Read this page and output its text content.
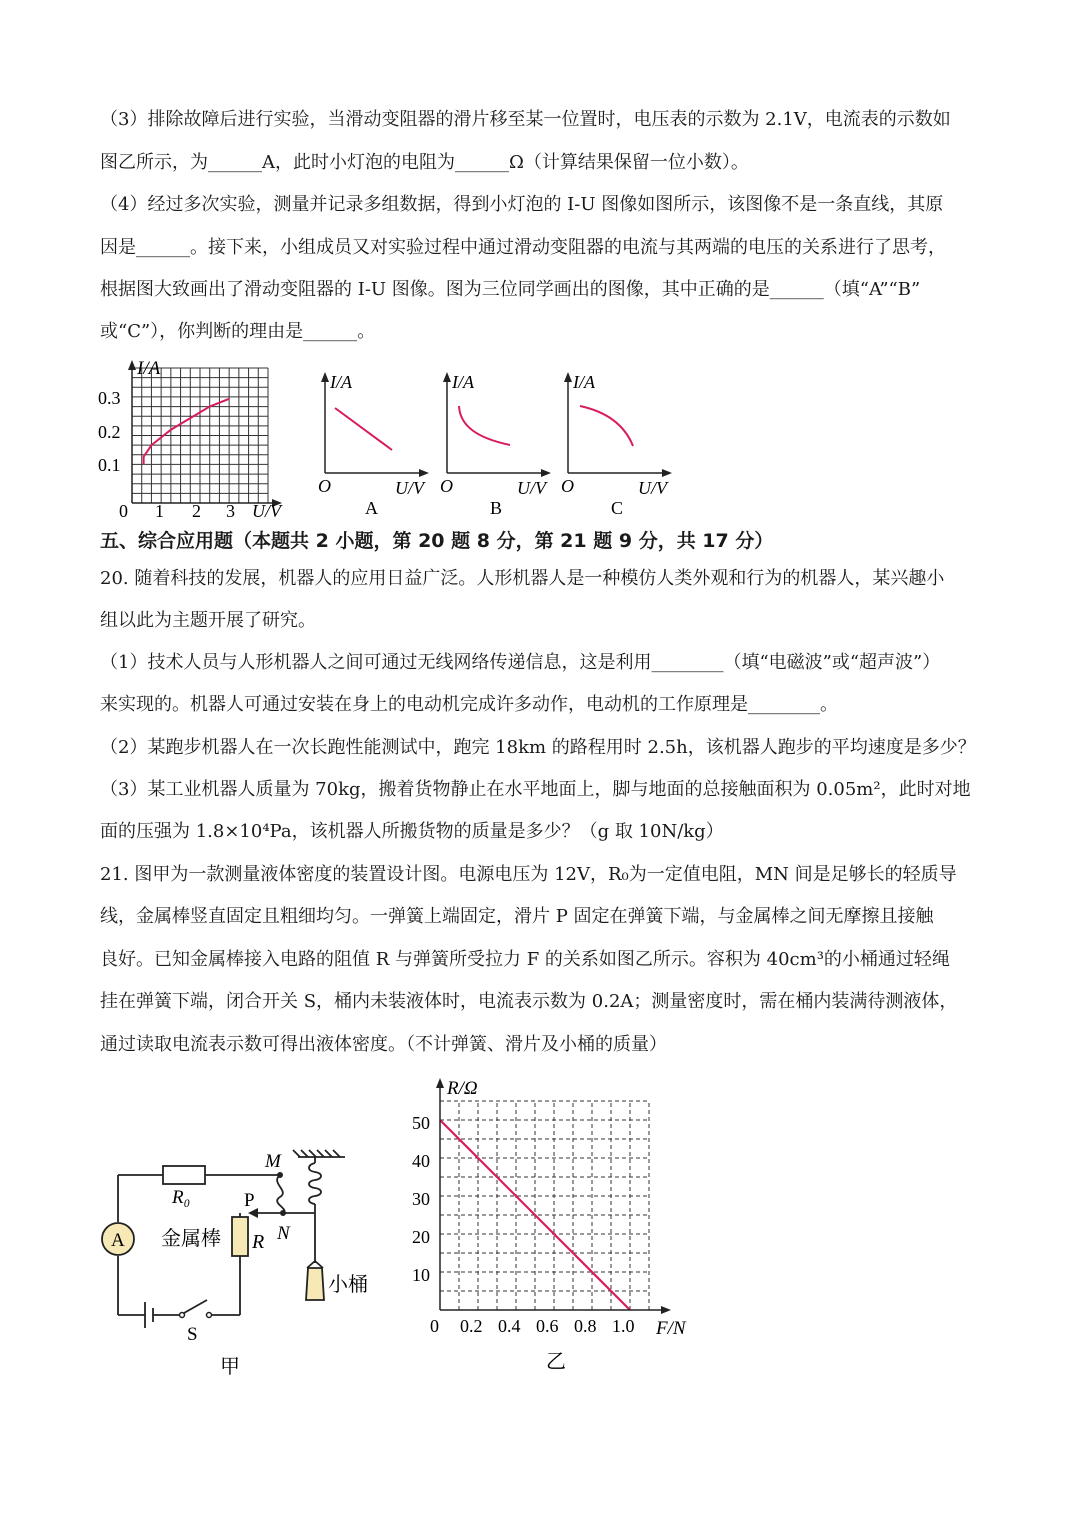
（3）排除故障后进行实验，当滑动变阻器的滑片移至某一位置时，电压表的示数为 2.1V，电流表的示数如
图乙所示，为______A，此时小灯泡的电阻为______Ω（计算结果保留一位小数）。
（4）经过多次实验，测量并记录多组数据，得到小灯泡的 I-U 图像如图所示，该图像不是一条直线，其原
因是______。接下来，小组成员又对实验过程中通过滑动变阻器的电流与其两端的电压的关系进行了思考，
根据图大致画出了滑动变阻器的 I-U 图像。图为三位同学画出的图像，其中正确的是______（填“A”“B”
或“C”），你判断的理由是______。
I/A
0.1
0.2
0.3
0 1 2 3 U/V
I/A
O	U/V
A
I/A
O	U/V
B
I/A
O	U/V
C
五、综合应用题（本题共 2 小题，第 20 题 8 分，第 21 题 9 分，共 17 分）
20. 随着科技的发展，机器人的应用日益广泛。人形机器人是一种模仿人类外观和行为的机器人，某兴趣小
组以此为主题开展了研究。
（1）技术人员与人形机器人之间可通过无线网络传递信息，这是利用________（填“电磁波”或“超声波”）
来实现的。机器人可通过安装在身上的电动机完成许多动作，电动机的工作原理是________。
（2）某跑步机器人在一次长跑性能测试中，跑完 18km 的路程用时 2.5h，该机器人跑步的平均速度是多少？
（3）某工业机器人质量为 70kg，搬着货物静止在水平地面上，脚与地面的总接触面积为 0.05m²，此时对地
面的压强为 1.8×10⁴Pa，该机器人所搬货物的质量是多少？（g 取 10N/kg）
21. 图甲为一款测量液体密度的装置设计图。电源电压为 12V，R₀为一定值电阻，MN 间是足够长的轻质导
线，金属棒竖直固定且粗细均匀。一弹簧上端固定，滑片 P 固定在弹簧下端，与金属棒之间无摩擦且接触
良好。已知金属棒接入电路的阻值 R 与弹簧所受拉力 F 的关系如图乙所示。容积为 40cm³的小桶通过轻绳
挂在弹簧下端，闭合开关 S，桶内未装液体时，电流表示数为 0.2A；测量密度时，需在桶内装满待测液体，
通过读取电流表示数可得出液体密度。（不计弹簧、滑片及小桶的质量）
A
R₀	P
M
N
金属棒 R
小桶
S
甲
R/Ω
50
40
30
20
10
0 0.2 0.4 0.6 0.8 1.0 F/N
乙
